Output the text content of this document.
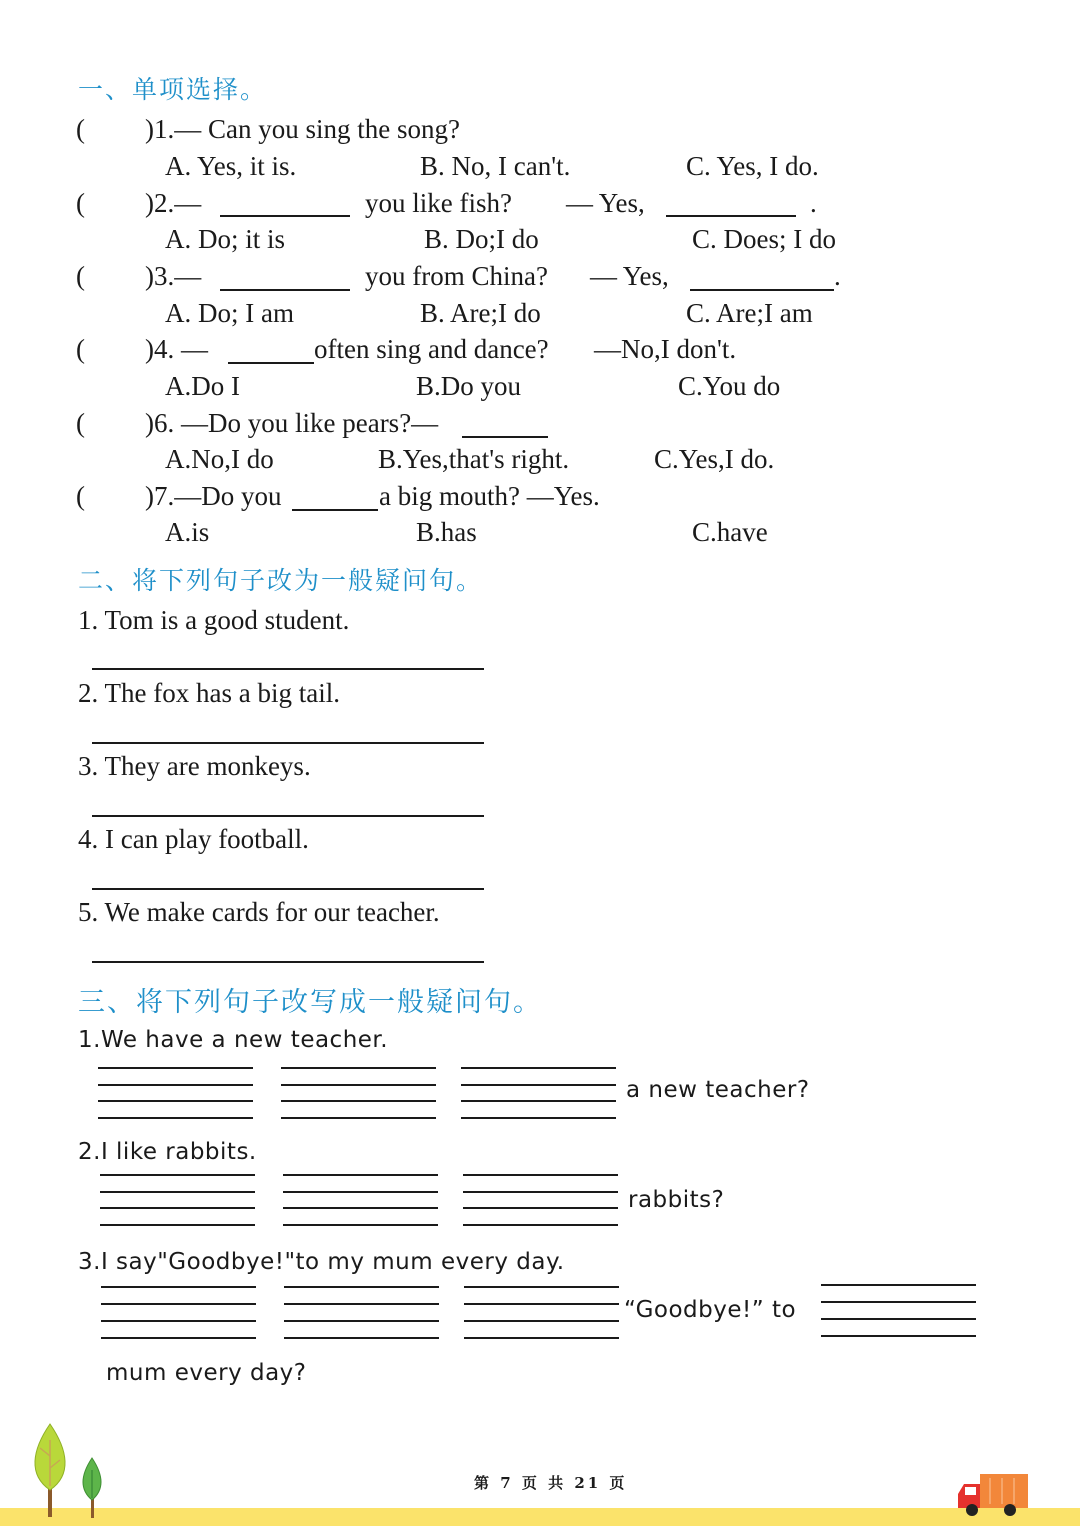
一、单项选择。
( )1.— Can you sing the song?
A. Yes, it is.	B. No, I can't.	C. Yes, I do.
( )2.—	you like fish? — Yes,	.
A. Do; it is	B. Do;I do	C. Does; I do
( )3.—	you from China? — Yes,	.
A. Do; I am	B. Are;I do	C. Are;I am
( )4. —	often sing and dance? —No,I don't.
A.Do I	B.Do you	C.You do
( )6. —Do you like pears?—
A.No,I do	B.Yes,that's right.	C.Yes,I do.
( )7.—Do you	a big mouth? —Yes.
A.is	B.has	C.have
二、将下列句子改为一般疑问句。
1. Tom is a good student.
2. The fox has a big tail.
3. They are monkeys.
4. I can play football.
5. We make cards for our teacher.
三、将下列句子改写成一般疑问句。
1.We have a new teacher.
a new teacher?
2.I like rabbits.
rabbits?
3.I say"Goodbye!"to my mum every day.
“Goodbye!” to
mum every day?
第 7 页 共 21 页
